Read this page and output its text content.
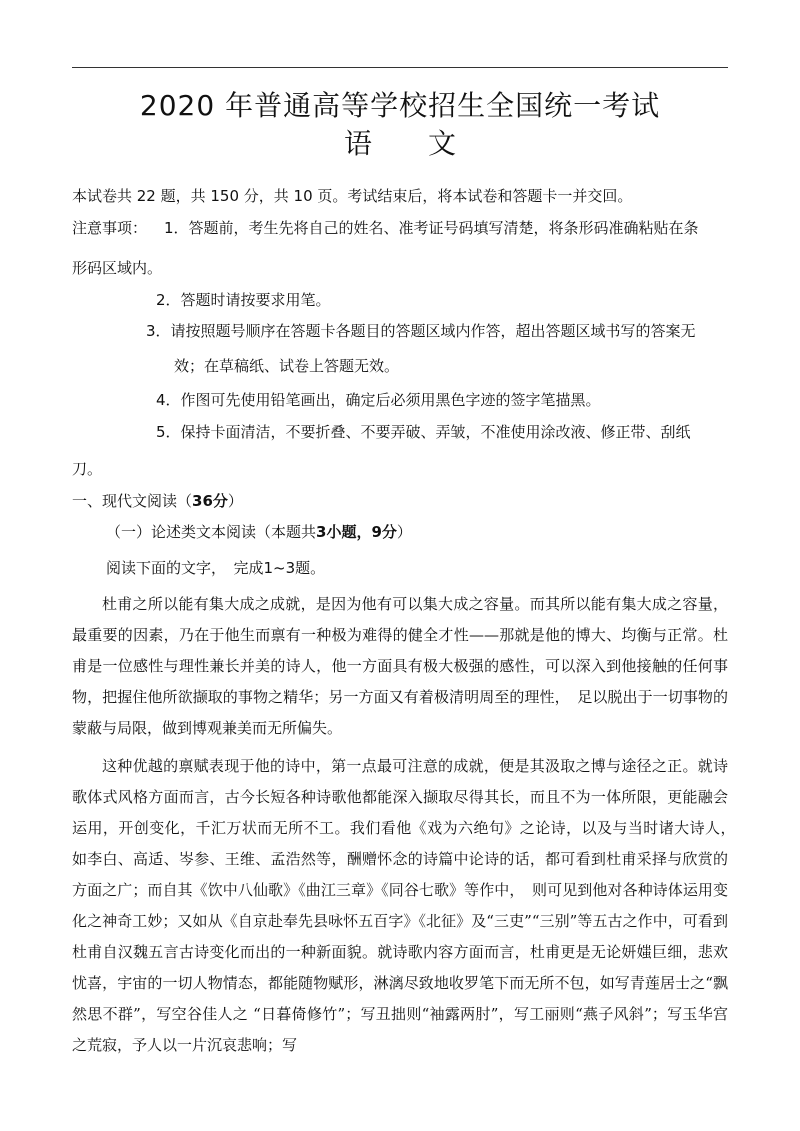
2020 年普通高等学校招生全国统一考试
语　　文
本试卷共 22 题，共 150 分，共 10 页。考试结束后，将本试卷和答题卡一并交回。
注意事项： 1．答题前，考生先将自己的姓名、准考证号码填写清楚，将条形码准确粘贴在条
形码区域内。
2．答题时请按要求用笔。
3．请按照题号顺序在答题卡各题目的答题区域内作答，超出答题区域书写的答案无
效；在草稿纸、试卷上答题无效。
4．作图可先使用铅笔画出，确定后必须用黑色字迹的签字笔描黑。
5．保持卡面清洁，不要折叠、不要弄破、弄皱，不准使用涂改液、修正带、刮纸
刀。
一、现代文阅读（36分）
（一）论述类文本阅读（本题共3小题，9分）
阅读下面的文字，　完成1~3题。
杜甫之所以能有集大成之成就，是因为他有可以集大成之容量。而其所以能有集大成之容量，最重要的因素，乃在于他生而禀有一种极为难得的健全才性——那就是他的博大、均衡与正常。杜甫是一位感性与理性兼长并美的诗人，他一方面具有极大极强的感性，可以深入到他接触的任何事物，把握住他所欲撷取的事物之精华；另一方面又有着极清明周至的理性，　足以脱出于一切事物的蒙蔽与局限，做到博观兼美而无所偏失。
这种优越的禀赋表现于他的诗中，第一点最可注意的成就，便是其汲取之博与途径之正。就诗歌体式风格方面而言，古今长短各种诗歌他都能深入撷取尽得其长，而且不为一体所限，更能融会运用，开创变化，千汇万状而无所不工。我们看他《戏为六绝句》之论诗，以及与当时诸大诗人，　如李白、高适、岑参、王维、孟浩然等，酬赠怀念的诗篇中论诗的话，都可看到杜甫采择与欣赏的方面之广；而自其《饮中八仙歌》《曲江三章》《同谷七歌》等作中，　则可见到他对各种诗体运用变化之神奇工妙；又如从《自京赴奉先县咏怀五百字》《北征》及“三吏”“三别”等五古之作中，可看到杜甫自汉魏五言古诗变化而出的一种新面貌。就诗歌内容方面而言，杜甫更是无论妍媸巨细，悲欢忧喜，宇宙的一切人物情态，都能随物赋形，淋漓尽致地收罗笔下而无所不包，如写青莲居士之“飘然思不群”，写空谷佳人之 “日暮倚修竹”；写丑拙则“袖露两肘”，写工丽则“燕子风斜”；写玉华宫之荒寂，予人以一片沉哀悲响；写
